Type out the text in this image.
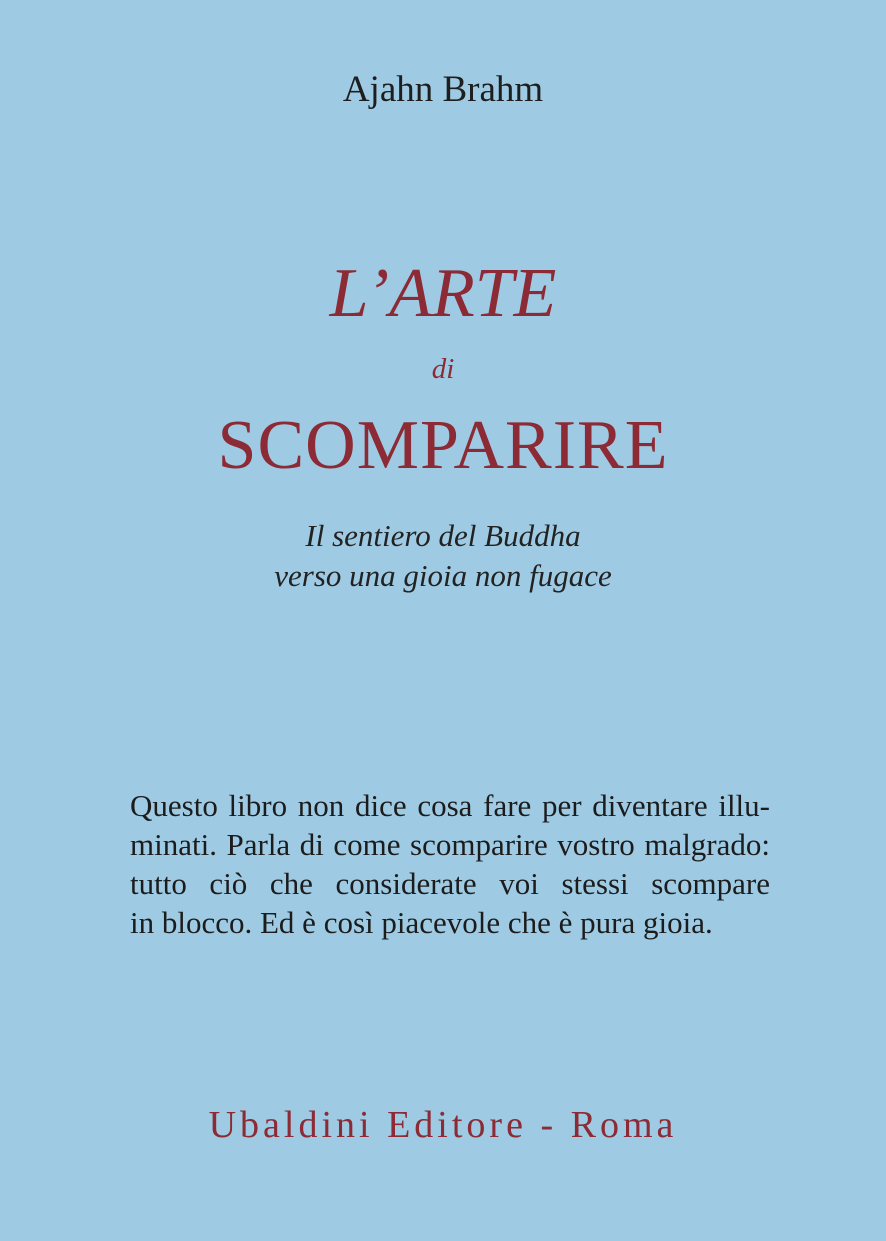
Ajahn Brahm
L’ARTE
di
SCOMPARIRE
Il sentiero del Buddha
verso una gioia non fugace
Questo libro non dice cosa fare per diventare illu-
minati. Parla di come scomparire vostro malgrado:
tutto ciò che considerate voi stessi scompare
in blocco. Ed è così piacevole che è pura gioia.
Ubaldini Editore - Roma
